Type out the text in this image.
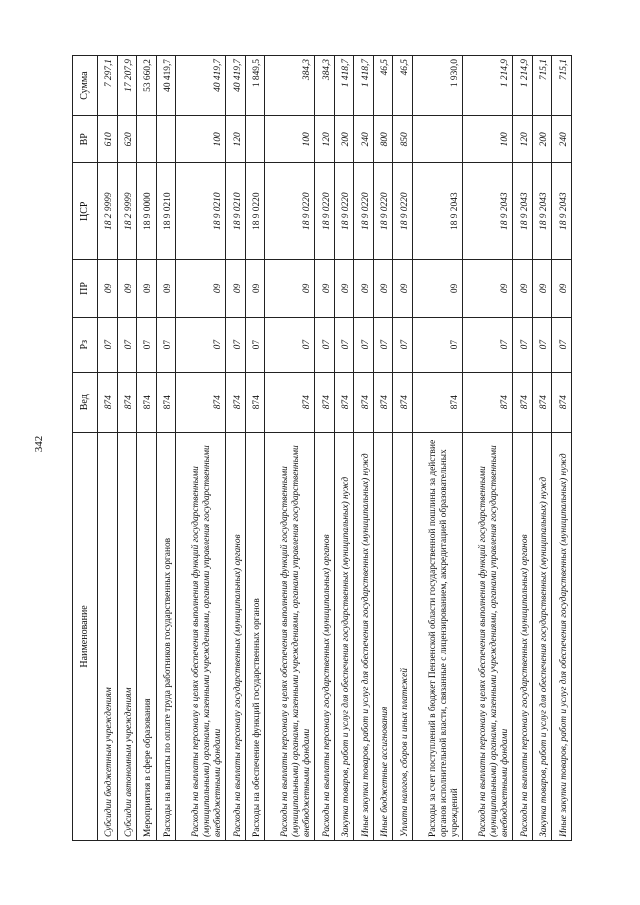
342
Наименование	Вед	Рз	ПР	ЦСР	ВР	Сумма
Субсидии бюджетным учреждениям	874	07	09	18 2 9999	610	7 297,1
Субсидии автономным учреждениям	874	07	09	18 2 9999	620	17 207,9
Мероприятия в сфере образования	874	07	09	18 9 0000		53 660,2
Расходы на выплаты по оплате труда работников государственных органов	874	07	09	18 9 0210		40 419,7
Расходы на выплаты персоналу в целях обеспечения выполнения функций государственными (муниципальными) органами, казенными учреждениями, органами управления государственными внебюджетными фондами	874	07	09	18 9 0210	100	40 419,7
Расходы на выплаты персоналу государственных (муниципальных) органов	874	07	09	18 9 0210	120	40 419,7
Расходы на обеспечение функций государственных органов	874	07	09	18 9 0220		1 849,5
Расходы на выплаты персоналу в целях обеспечения выполнения функций государственными (муниципальными) органами, казенными учреждениями, органами управления государственными внебюджетными фондами	874	07	09	18 9 0220	100	384,3
Расходы на выплаты персоналу государственных (муниципальных) органов	874	07	09	18 9 0220	120	384,3
Закупка товаров, работ и услуг для обеспечения государственных (муниципальных) нужд	874	07	09	18 9 0220	200	1 418,7
Иные закупки товаров, работ и услуг для обеспечения государственных (муниципальных) нужд	874	07	09	18 9 0220	240	1 418,7
Иные бюджетные ассигнования	874	07	09	18 9 0220	800	46,5
Уплата налогов, сборов и иных платежей	874	07	09	18 9 0220	850	46,5
Расходы за счет поступлений в бюджет Пензенской области государственной пошлины за действие органов исполнительной власти, связанные с лицензированием, аккредитацией образовательных учреждений	874	07	09	18 9 2043		1 930,0
Расходы на выплаты персоналу в целях обеспечения выполнения функций государственными (муниципальными) органами, казенными учреждениями, органами управления государственными внебюджетными фондами	874	07	09	18 9 2043	100	1 214,9
Расходы на выплаты персоналу государственных (муниципальных) органов	874	07	09	18 9 2043	120	1 214,9
Закупка товаров, работ и услуг для обеспечения государственных (муниципальных) нужд	874	07	09	18 9 2043	200	715,1
Иные закупки товаров, работ и услуг для обеспечения государственных (муниципальных) нужд	874	07	09	18 9 2043	240	715,1
